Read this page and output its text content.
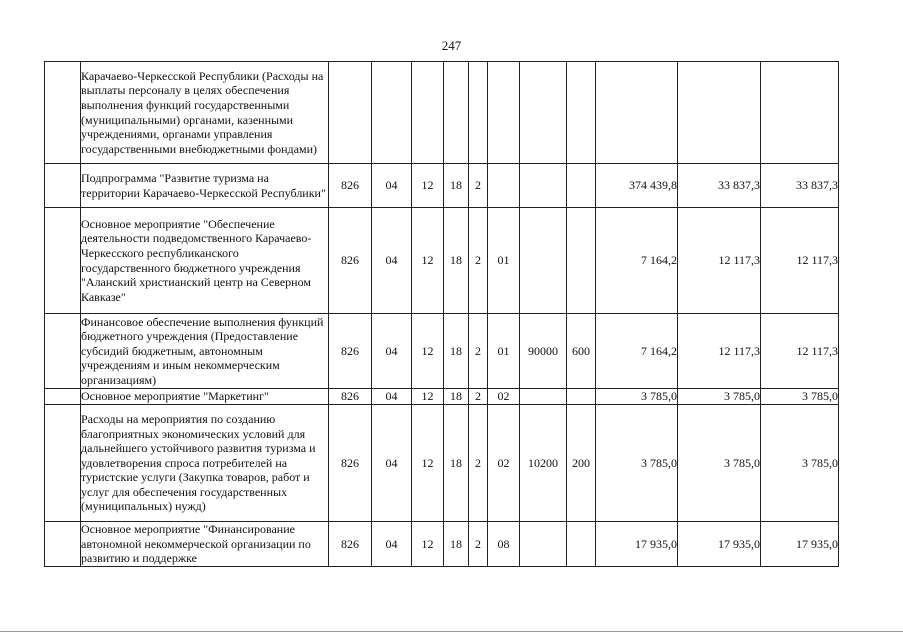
247
	Карачаево-Черкесской Республики (Расходы на выплаты персоналу в целях обеспечения выполнения функций государственными (муниципальными) органами, казенными учреждениями, органами управления государственными внебюджетными фондами)											
	Подпрограмма "Развитие туризма на территории Карачаево-Черкесской Республики"	826	04	12	18	2				374 439,8	33 837,3	33 837,3
	Основное мероприятие "Обеспечение деятельности подведомственного Карачаево-Черкесского республиканского государственного бюджетного учреждения "Аланский христианский центр на Северном Кавказе"	826	04	12	18	2	01			7 164,2	12 117,3	12 117,3
	Финансовое обеспечение выполнения функций бюджетного учреждения (Предоставление субсидий бюджетным, автономным учреждениям и иным некоммерческим организациям)	826	04	12	18	2	01	90000	600	7 164,2	12 117,3	12 117,3
	Основное мероприятие "Маркетинг"	826	04	12	18	2	02			3 785,0	3 785,0	3 785,0
	Расходы на мероприятия по созданию благоприятных экономических условий для дальнейшего устойчивого развития туризма и удовлетворения спроса потребителей на туристские услуги (Закупка товаров, работ и услуг для обеспечения государственных (муниципальных) нужд)	826	04	12	18	2	02	10200	200	3 785,0	3 785,0	3 785,0
	Основное мероприятие "Финансирование автономной некоммерческой организации по развитию и поддержке	826	04	12	18	2	08			17 935,0	17 935,0	17 935,0
